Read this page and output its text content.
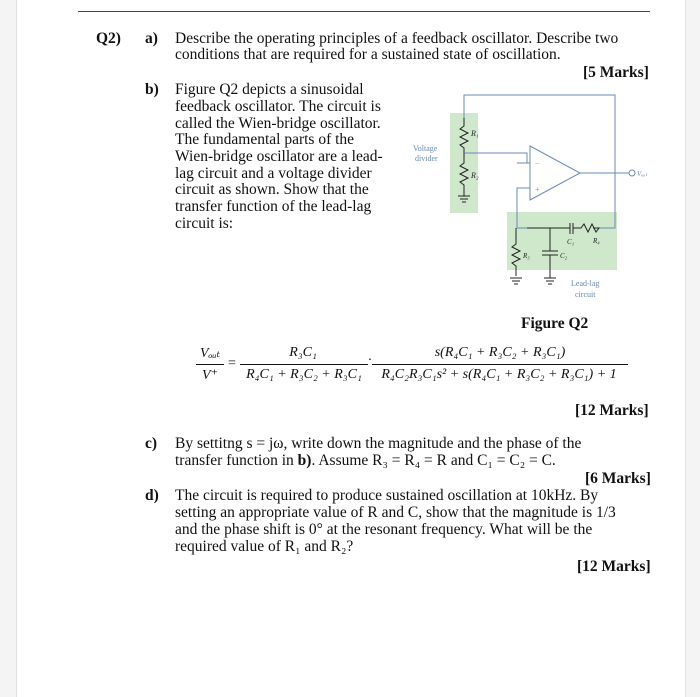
Q2) a) Describe the operating principles of a feedback oscillator. Describe two
conditions that are required for a sustained state of oscillation.
[5 Marks]
b) Figure Q2 depicts a sinusoidal
feedback oscillator. The circuit is
called the Wien-bridge oscillator.
The fundamental parts of the
Wien-bridge oscillator are a lead-
lag circuit and a voltage divider
circuit as shown. Show that the
transfer function of the lead-lag
circuit is:
−
+
Voltage
divider
R₁
R₂
R₃
R₄
C₁
C₂
Vₒᵤₜ
Lead-lag
circuit
Figure Q2
Vₒᵤₜ
V⁺
=
R₃C₁
R₄C₁ + R₃C₂ + R₃C₁
·
s(R₄C₁ + R₃C₂ + R₃C₁)
R₄C₂R₃C₁s² + s(R₄C₁ + R₃C₂ + R₃C₁) + 1
[12 Marks]
c) By settitng s = jω, write down the magnitude and the phase of the
transfer function in b). Assume R₃ = R₄ = R and C₁ = C₂ = C.
[6 Marks]
d) The circuit is required to produce sustained oscillation at 10kHz. By
setting an appropriate value of R and C, show that the magnitude is 1/3
and the phase shift is 0° at the resonant frequency. What will be the
required value of R₁ and R₂?
[12 Marks]
